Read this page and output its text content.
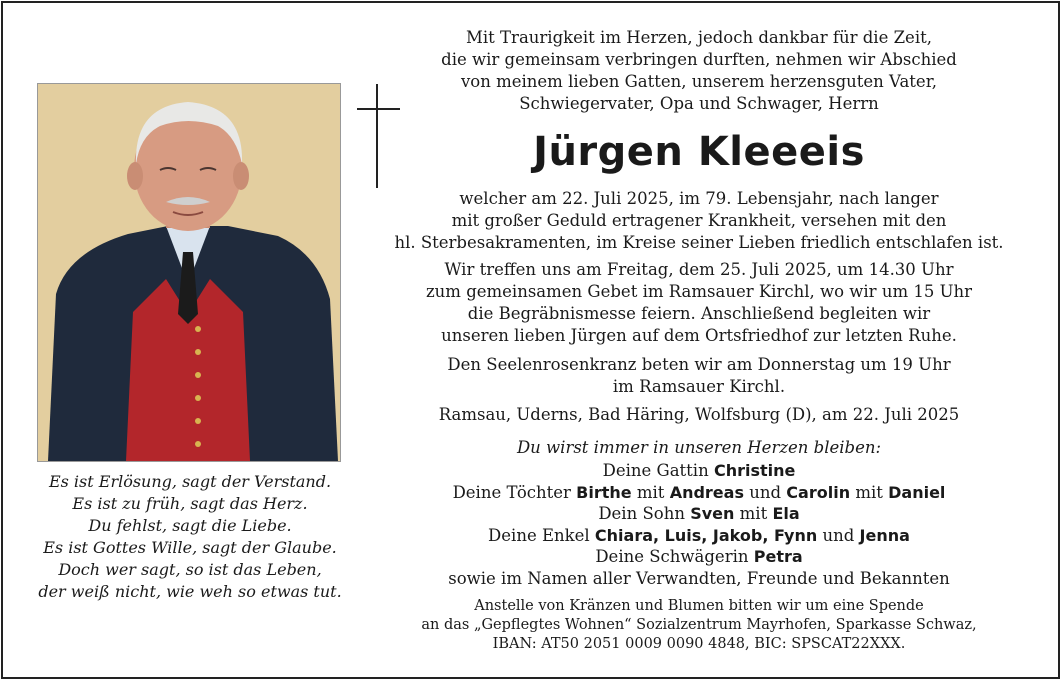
Es ist Erlösung, sagt der Verstand.
Es ist zu früh, sagt das Herz.
Du fehlst, sagt die Liebe.
Es ist Gottes Wille, sagt der Glaube.
Doch wer sagt, so ist das Leben,
der weiß nicht, wie weh so etwas tut.
Mit Traurigkeit im Herzen, jedoch dankbar für die Zeit,
die wir gemeinsam verbringen durften, nehmen wir Abschied
von meinem lieben Gatten, unserem herzensguten Vater,
Schwiegervater, Opa und Schwager, Herrn
Jürgen Kleeeis
welcher am 22. Juli 2025, im 79. Lebensjahr, nach langer
mit großer Geduld ertragener Krankheit, versehen mit den
hl. Sterbesakramenten, im Kreise seiner Lieben friedlich entschlafen ist.
Wir treffen uns am Freitag, dem 25. Juli 2025, um 14.30 Uhr
zum gemeinsamen Gebet im Ramsauer Kirchl, wo wir um 15 Uhr
die Begräbnismesse feiern. Anschließend begleiten wir
unseren lieben Jürgen auf dem Ortsfriedhof zur letzten Ruhe.
Den Seelenrosenkranz beten wir am Donnerstag um 19 Uhr
im Ramsauer Kirchl.
Ramsau, Uderns, Bad Häring, Wolfsburg (D), am 22. Juli 2025
Du wirst immer in unseren Herzen bleiben:
Deine Gattin Christine
Deine Töchter Birthe mit Andreas und Carolin mit Daniel
Dein Sohn Sven mit Ela
Deine Enkel Chiara, Luis, Jakob, Fynn und Jenna
Deine Schwägerin Petra
sowie im Namen aller Verwandten, Freunde und Bekannten
Anstelle von Kränzen und Blumen bitten wir um eine Spende
an das „Gepflegtes Wohnen“ Sozialzentrum Mayrhofen, Sparkasse Schwaz,
IBAN: AT50 2051 0009 0090 4848, BIC: SPSCAT22XXX.
